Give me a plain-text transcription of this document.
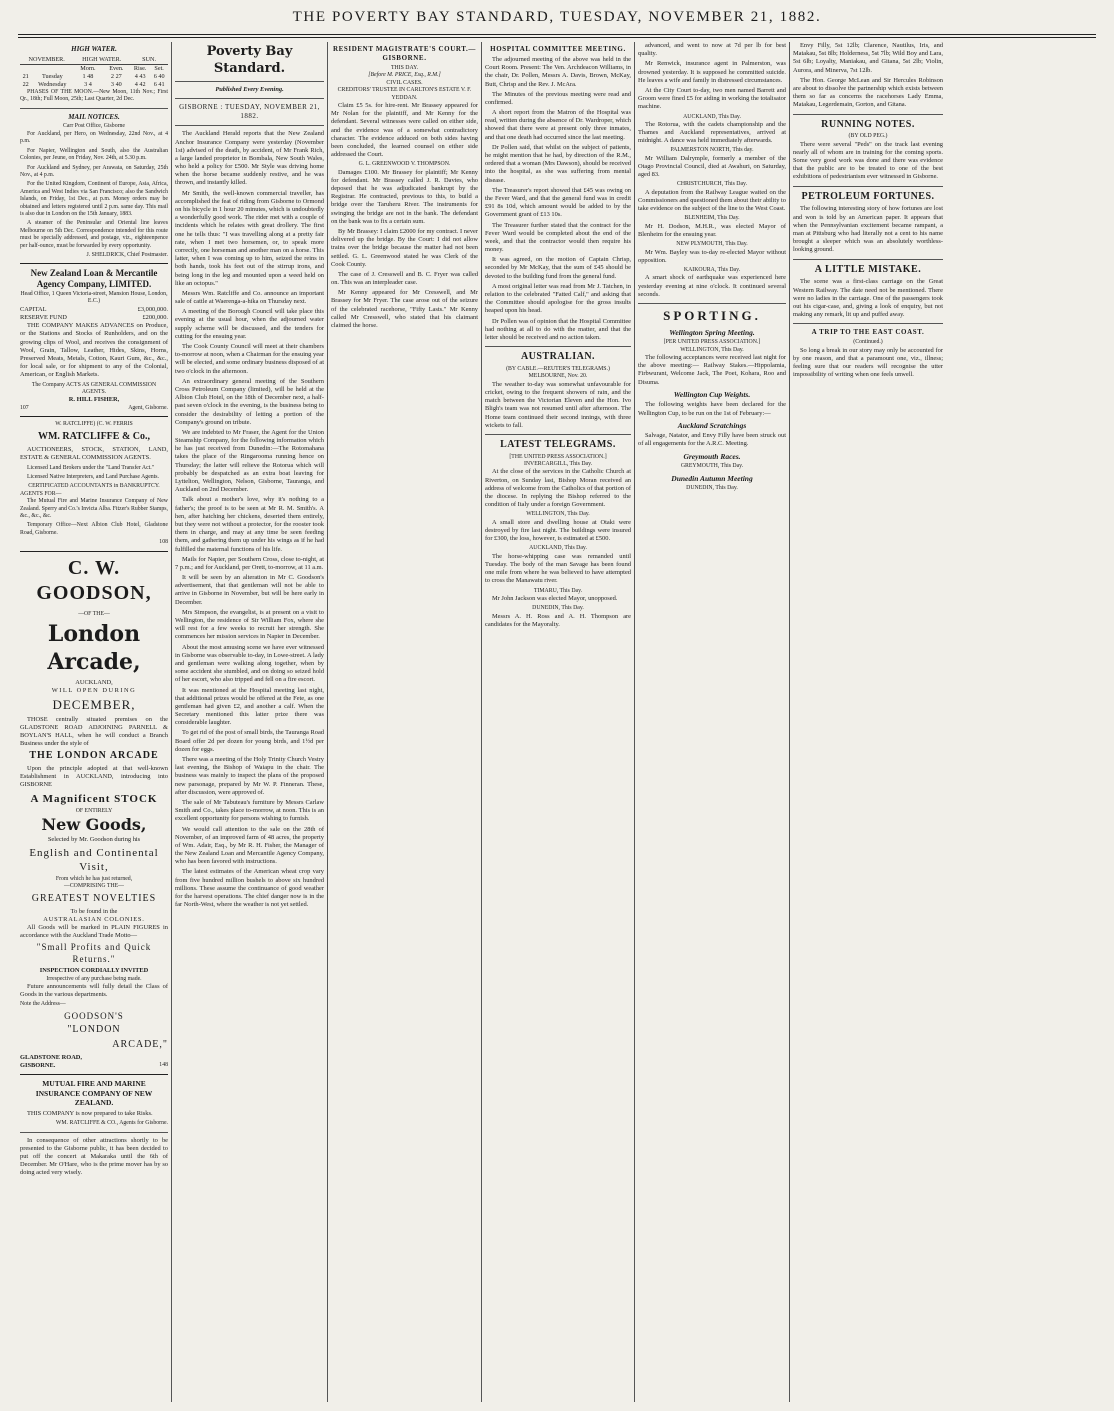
THE POVERTY BAY STANDARD, TUESDAY, NOVEMBER 21, 1882.
HIGH WATER.
NOVEMBER.		HIGH WATER.		SUN.	
		Morn.	Even.	Rise.	Set.
21	Tuesday	1 48	2 27	4 43	6 40
22	Wednesday	3 4	3 40	4 42	6 41
PHASES OF THE MOON.—New Moon, 11th Nov.; First Qr., 18th; Full Moon, 25th; Last Quarter, 2d Dec.
MAIL NOTICES.
Carr Post Office, Gisborne
For Auckland, per Hero, on Wednesday, 22nd Nov., at 4 p.m.
For Napier, Wellington and South, also the Australian Colonies, per Jeune, on Friday, Nov. 24th, at 5.30 p.m.
For Auckland and Sydney, per Arawata, on Saturday, 25th Nov., at 4 p.m.
For the United Kingdom, Continent of Europe, Asia, Africa, America and West Indies via San Francisco; also the Sandwich Islands, on Friday, 1st Dec., at p.m. Money orders may be obtained and letters registered until 2 p.m. same day. This mail is also due in London on the 15th January, 1883.
A steamer of the Peninsular and Oriental line leaves Melbourne on 5th Dec. Correspondence intended for this route must be specially addressed, and postage, viz., eighteenpence per half-ounce, must be forwarded by every opportunity.
J. SHELDRICK, Chief Postmaster.
New Zealand Loan & Mercantile Agency Company, LIMITED.
Head Office, 1 Queen Victoria-street, Mansion House, London, E.C.)
CAPITAL	£3,000,000.
RESERVE FUND	£200,000.
THE COMPANY MAKES ADVANCES on Produce, or the Stations and Stocks of Runholders, and on the growing clips of Wool, and receives the consignment of Wool, Grain, Tallow, Leather, Hides, Skins, Horns, Preserved Meats, Metals, Cotton, Kauri Gum, &c., &c., for local sale, or for shipment to any of the Colonial, American, or English Markets.
The Company ACTS AS GENERAL COMMISSION AGENTS.
R. HILL FISHER,
107	Agent, Gisborne.
W. RATCLIFFE) (C. W. FERRIS
WM. RATCLIFFE & Co.,
AUCTIONEERS, STOCK, STATION, LAND, ESTATE & GENERAL COMMISSION AGENTS.
Licensed Land Brokers under the "Land Transfer Act."
Licensed Native Interpreters, and Land Purchase Agents.
CERTIFICATED ACCOUNTANTS in BANKRUPTCY.
AGENTS FOR—
The Mutual Fire and Marine Insurance Company of New Zealand. Sperry and Co.'s Invicta Alba. Fitzer's Rubber Stamps, &c., &c., &c.
Temporary Office—Next Albion Club Hotel, Gladstone Road, Gisborne.
108
C. W. GOODSON,
—OF THE—
London Arcade,
AUCKLAND,
WILL OPEN DURING
DECEMBER,
THOSE centrally situated premises on the GLADSTONE ROAD ADJOINING PARNELL & BOYLAN'S HALL, when he will conduct a Branch Business under the style of
THE LONDON ARCADE
Upon the principle adopted at that well-known Establishment in AUCKLAND, introducing into GISBORNE
A Magnificent STOCK
OF ENTIRELY
New Goods,
Selected by Mr. Goodson during his
English and Continental Visit,
From which he has just returned,
—COMPRISING THE—
GREATEST NOVELTIES
To be found in the
AUSTRALASIAN COLONIES.
All Goods will be marked in PLAIN FIGURES in accordance with the Auckland Trade Motto—
"Small Profits and Quick Returns."
INSPECTION CORDIALLY INVITED
Irrespective of any purchase being made.
Future announcements will fully detail the Class of Goods in the various departments.
Note the Address—
GOODSON'S
"LONDON
ARCADE,"
GLADSTONE ROAD,
GISBORNE.	148
MUTUAL FIRE AND MARINE INSURANCE COMPANY OF NEW ZEALAND.
THIS COMPANY is now prepared to take Risks.
WM. RATCLIFFE & CO., Agents for Gisborne.
In consequence of other attractions shortly to be presented to the Gisborne public, it has been decided to put off the concert at Makaraka until the 6th of December. Mr O'Hare, who is the prime mover has by so doing acted very wisely.
Poverty Bay Standard.
Published Every Evening.
GISBORNE : TUESDAY, NOVEMBER 21, 1882.
The Auckland Herald reports that the New Zealand Anchor Insurance Company were yesterday (November 1st) advised of the death, by accident, of Mr Frank Rich, a large landed proprietor in Bombala, New South Wales, who held a policy for £500. Mr Style was driving home when the horse became suddenly restive, and he was thrown, and instantly killed.
Mr Smith, the well-known commercial traveller, has accomplished the feat of riding from Gisborne to Ormond on his bicycle in 1 hour 20 minutes, which is undoubtedly a wonderfully good work. The rider met with a couple of incidents which he relates with great drollery. The first one he tells thus: "I was travelling along at a pretty fair rate, when I met two horsemen, or, to speak more correctly, one horseman and another man on a horse. This latter, when I was coming up to him, seized the reins in both hands, took his feet out of the stirrup irons, and being long in the leg and mounted upon a weed held on like an octopus."
Messrs Wm. Ratcliffe and Co. announce an important sale of cattle at Waerenga-a-hika on Thursday next.
A meeting of the Borough Council will take place this evening at the usual hour, when the adjourned water supply scheme will be discussed, and the tenders for cutting for the ensuing year.
The Cook County Council will meet at their chambers to-morrow at noon, when a Chairman for the ensuing year will be elected, and some ordinary business disposed of at two o'clock in the afternoon.
An extraordinary general meeting of the Southern Cross Petroleum Company (limited), will be held at the Albion Club Hotel, on the 18th of December next, a half-past seven o'clock in the evening, is the business being to consider the desirability of letting a portion of the Company's ground on tribute.
We are indebted to Mr Fraser, the Agent for the Union Steamship Company, for the following information which he has just received from Dunedin:—The Rotomahana takes the place of the Ringarooma running hence on Thursday; the latter will relieve the Rotorua which will probably be despatched as an extra boat leaving for Lyttelton, Wellington, Nelson, Gisborne, Tauranga, and Auckland on 2nd December.
Talk about a mother's love, why it's nothing to a father's; the proof is to be seen at Mr R. M. Smith's. A hen, after hatching her chickens, deserted them entirely, but they were not without a protector, for the rooster took them in charge, and may at any time be seen feeding them, and gathering them up under his wings as if he had fulfilled the maternal functions of his life.
Mails for Napier, per Southern Cross, close to-night, at 7 p.m.; and for Auckland, per Orett, to-morrow, at 11 a.m.
It will be seen by an alteration in Mr C. Goodson's advertisement, that that gentleman will not be able to arrive in Gisborne in November, but will be here early in December.
Mrs Simpson, the evangelist, is at present on a visit to Wellington, the residence of Sir William Fox, where she will rest for a few weeks to recruit her strength. She commences her mission services in Napier in December.
About the most amusing scene we have ever witnessed in Gisborne was observable to-day, in Lowe-street. A lady and gentleman were walking along together, when by some accident she stumbled, and on doing so seized hold of her escort, who also tripped and fell on a fire escort.
It was mentioned at the Hospital meeting last night, that additional prizes would be offered at the Fete, as one gentleman had given £2, and another a calf. When the Secretary mentioned this latter prize there was considerable laughter.
To get rid of the post of small birds, the Tauranga Road Board offer 2d per dozen for young birds, and 1½d per dozen for eggs.
There was a meeting of the Holy Trinity Church Vestry last evening, the Bishop of Waiapu in the chair. The business was mainly to inspect the plans of the proposed new parsonage, prepared by Mr W. P. Finneran. These, after discussion, were approved of.
The sale of Mr Tabuteau's furniture by Messrs Carlaw Smith and Co., takes place to-morrow, at noon. This is an excellent opportunity for persons wishing to furnish.
We would call attention to the sale on the 28th of November, of an improved farm of 48 acres, the property of Wm. Adair, Esq., by Mr R. H. Fisher, the Manager of the New Zealand Loan and Mercantile Agency Company, who has been favored with instructions.
The latest estimates of the American wheat crop vary from five hundred million bushels to above six hundred millions. These assume the continuance of good weather for the harvest operations. The chief danger now is in the far North-West, where the weather is not yet settled.
RESIDENT MAGISTRATE'S COURT.—GISBORNE.
THIS DAY.
[Before M. PRICE, Esq., R.M.]
CIVIL CASES.
CREDITORS' TRUSTEE IN CARLTON'S ESTATE V. F. YEDDAN.
Claim £5 5s. for hire-rent. Mr Brassey appeared for Mr Nolan for the plaintiff, and Mr Kenny for the defendant. Several witnesses were called on either side, and the evidence was of a somewhat contradictory character. The evidence adduced on both sides having been concluded, the learned counsel on either side addressed the Court.
G. L. GREENWOOD V. THOMPSON.
Damages £100. Mr Brassey for plaintiff; Mr Kenny for defendant. Mr Brassey called J. R. Davies, who deposed that he was adjudicated bankrupt by the Registrar. He contracted, previous to this, to build a bridge over the Taruheru River. The instruments for swinging the bridge are not in the bank. The defendant on the bank was to fix a certain sum.
By Mr Brassey: I claim £2000 for my contract. I never delivered up the bridge. By the Court: I did not allow trains over the bridge because the matter had not been settled. G. L. Greenwood stated he was Clerk of the Cook County.
The case of J. Cresswell and B. C. Fryer was called on. This was an interpleader case.
Mr Kenny appeared for Mr Cresswell, and Mr Brassey for Mr Fryer. The case arose out of the seizure of the celebrated racehorse, "Fifty Lasts." Mr Kenny called Mr Cresswell, who stated that his claimant claimed the horse.
HOSPITAL COMMITTEE MEETING.
The adjourned meeting of the above was held in the Court Room. Present: The Ven. Archdeacon Williams, in the chair, Dr. Pollen, Messrs A. Davis, Brown, McKay, Butt, Chrisp and the Rev. J. McAra.
The Minutes of the previous meeting were read and confirmed.
A short report from the Matron of the Hospital was read, written during the absence of Dr. Wardroper, which showed that there were at present only three inmates, and that one death had occurred since the last meeting.
Dr Pollen said, that whilst on the subject of patients, he might mention that he had, by direction of the R.M., ordered that a woman (Mrs Dawson), should be received into the hospital, as she was suffering from mental disease.
The Treasurer's report showed that £45 was owing on the Fever Ward, and that the general fund was in credit £91 8s 10d, which amount would be added to by the Government grant of £13 10s.
The Treasurer further stated that the contract for the Fever Ward would be completed about the end of the week, and that the contractor would then require his money.
It was agreed, on the motion of Captain Chrisp, seconded by Mr McKay, that the sum of £45 should be devoted to the building fund from the general fund.
A most original letter was read from Mr J. Tatchen, in relation to the celebrated "Fatted Calf," and asking that the Committee should apologise for the gross insults heaped upon his head.
Dr Pollen was of opinion that the Hospital Committee had nothing at all to do with the matter, and that the letter should be received and no action taken.
AUSTRALIAN.
(BY CABLE.—REUTER'S TELEGRAMS.)
MELBOURNE, Nov. 20.
The weather to-day was somewhat unfavourable for cricket, owing to the frequent showers of rain, and the match between the Victorian Eleven and the Hon. Ivo Bligh's team was not resumed until after afternoon. The Home team continued their second innings, with three wickets to fall.
LATEST TELEGRAMS.
[THE UNITED PRESS ASSOCIATION.]
INVERCARGILL, This Day.
At the close of the services in the Catholic Church at Riverton, on Sunday last, Bishop Moran received an address of welcome from the Catholics of that portion of the diocese. In replying the Bishop referred to the condition of Italy under a foreign Government.
WELLINGTON, This Day.
A small store and dwelling house at Otaki were destroyed by fire last night. The buildings were insured for £300, the loss, however, is estimated at £500.
AUCKLAND, This Day.
The horse-whipping case was remanded until Tuesday. The body of the man Savage has been found one mile from where he was believed to have attempted to cross the Manawatu river.
TIMARU, This Day.
Mr John Jackson was elected Mayor, unopposed.
DUNEDIN, This Day.
Messrs A. H. Ross and A. H. Thompson are candidates for the Mayoralty.
advanced, and went to now at 7d per lb for best quality.
Mr Renwick, insurance agent in Palmerston, was drowned yesterday. It is supposed he committed suicide. He leaves a wife and family in distressed circumstances.
At the City Court to-day, two men named Barrett and Groom were fined £5 for aiding in working the totalisator machine.
AUCKLAND, This Day.
The Rotorua, with the cadets championship and the Thames and Auckland representatives, arrived at midnight. A dance was held immediately afterwards.
PALMERSTON NORTH, This day.
Mr William Dalrymple, formerly a member of the Otago Provincial Council, died at Awahuri, on Saturday, aged 83.
CHRISTCHURCH, This Day.
A deputation from the Railway League waited on the Commissioners and questioned them about their ability to take evidence on the subject of the line to the West Coast.
BLENHEIM, This Day.
Mr H. Dodson, M.H.R., was elected Mayor of Blenheim for the ensuing year.
NEW PLYMOUTH, This Day.
Mr Wm. Bayley was to-day re-elected Mayor without opposition.
KAIKOURA, This Day.
A smart shock of earthquake was experienced here yesterday evening at nine o'clock. It continued several seconds.
SPORTING.
Wellington Spring Meeting.
[PER UNITED PRESS ASSOCIATION.]
WELLINGTON, This Day.
The following acceptances were received last night for the above meeting:— Railway Stakes.—Hippolamia, Firbwurant, Welcome Jack, The Poet, Kohara, Roo and Disuma.
Wellington Cup Weights.
The following weights have been declared for the Wellington Cup, to be run on the 1st of February:—
Auckland Scratchings
Salvage, Natator, and Envy Filly have been struck out of all engagements for the A.R.C. Meeting.
Greymouth Races.
GREYMOUTH, This Day.
Dunedin Autumn Meeting
DUNEDIN, This Day.
Envy Filly, 5st 12lb; Clarence, Nautilus, Iris, and Matakau, 5st 8lb; Holderness, 5st 7lb; Wild Boy and Lara, 5st 6lb; Loyalty, Maniakau, and Gitana, 5st 2lb; Violin, Aurora, and Minerva, 7st 12lb.
The Hon. George McLean and Sir Hercules Robinson are about to dissolve the partnership which exists between them so far as concerns the racehorses Lady Emma, Matakau, Legerdemain, Gorton, and Gitana.
RUNNING NOTES.
(BY OLD PEG.)
There were several "Peds" on the track last evening nearly all of whom are in training for the coming sports. Some very good work was done and there was evidence that the public are to be treated to one of the best exhibitions of pedestrianism ever witnessed in Gisborne.
PETROLEUM FORTUNES.
The following interesting story of how fortunes are lost and won is told by an American paper. It appears that when the Pennsylvanian excitement became rampant, a man at Pittsburg who had literally not a cent to his name brought a sleeper which was an absolutely worthless-looking ground.
A LITTLE MISTAKE.
The scene was a first-class carriage on the Great Western Railway. The date need not be mentioned. There were no ladies in the carriage. One of the passengers took out his cigar-case, and, giving a look of enquiry, but not making any remark, lit up and puffed away.
A TRIP TO THE EAST COAST.
(Continued.)
So long a break in our story may only be accounted for by one reason, and that a paramount one, viz., illness; feeling sure that our readers will recognise the utter impossibility of writing when one feels unwell.
